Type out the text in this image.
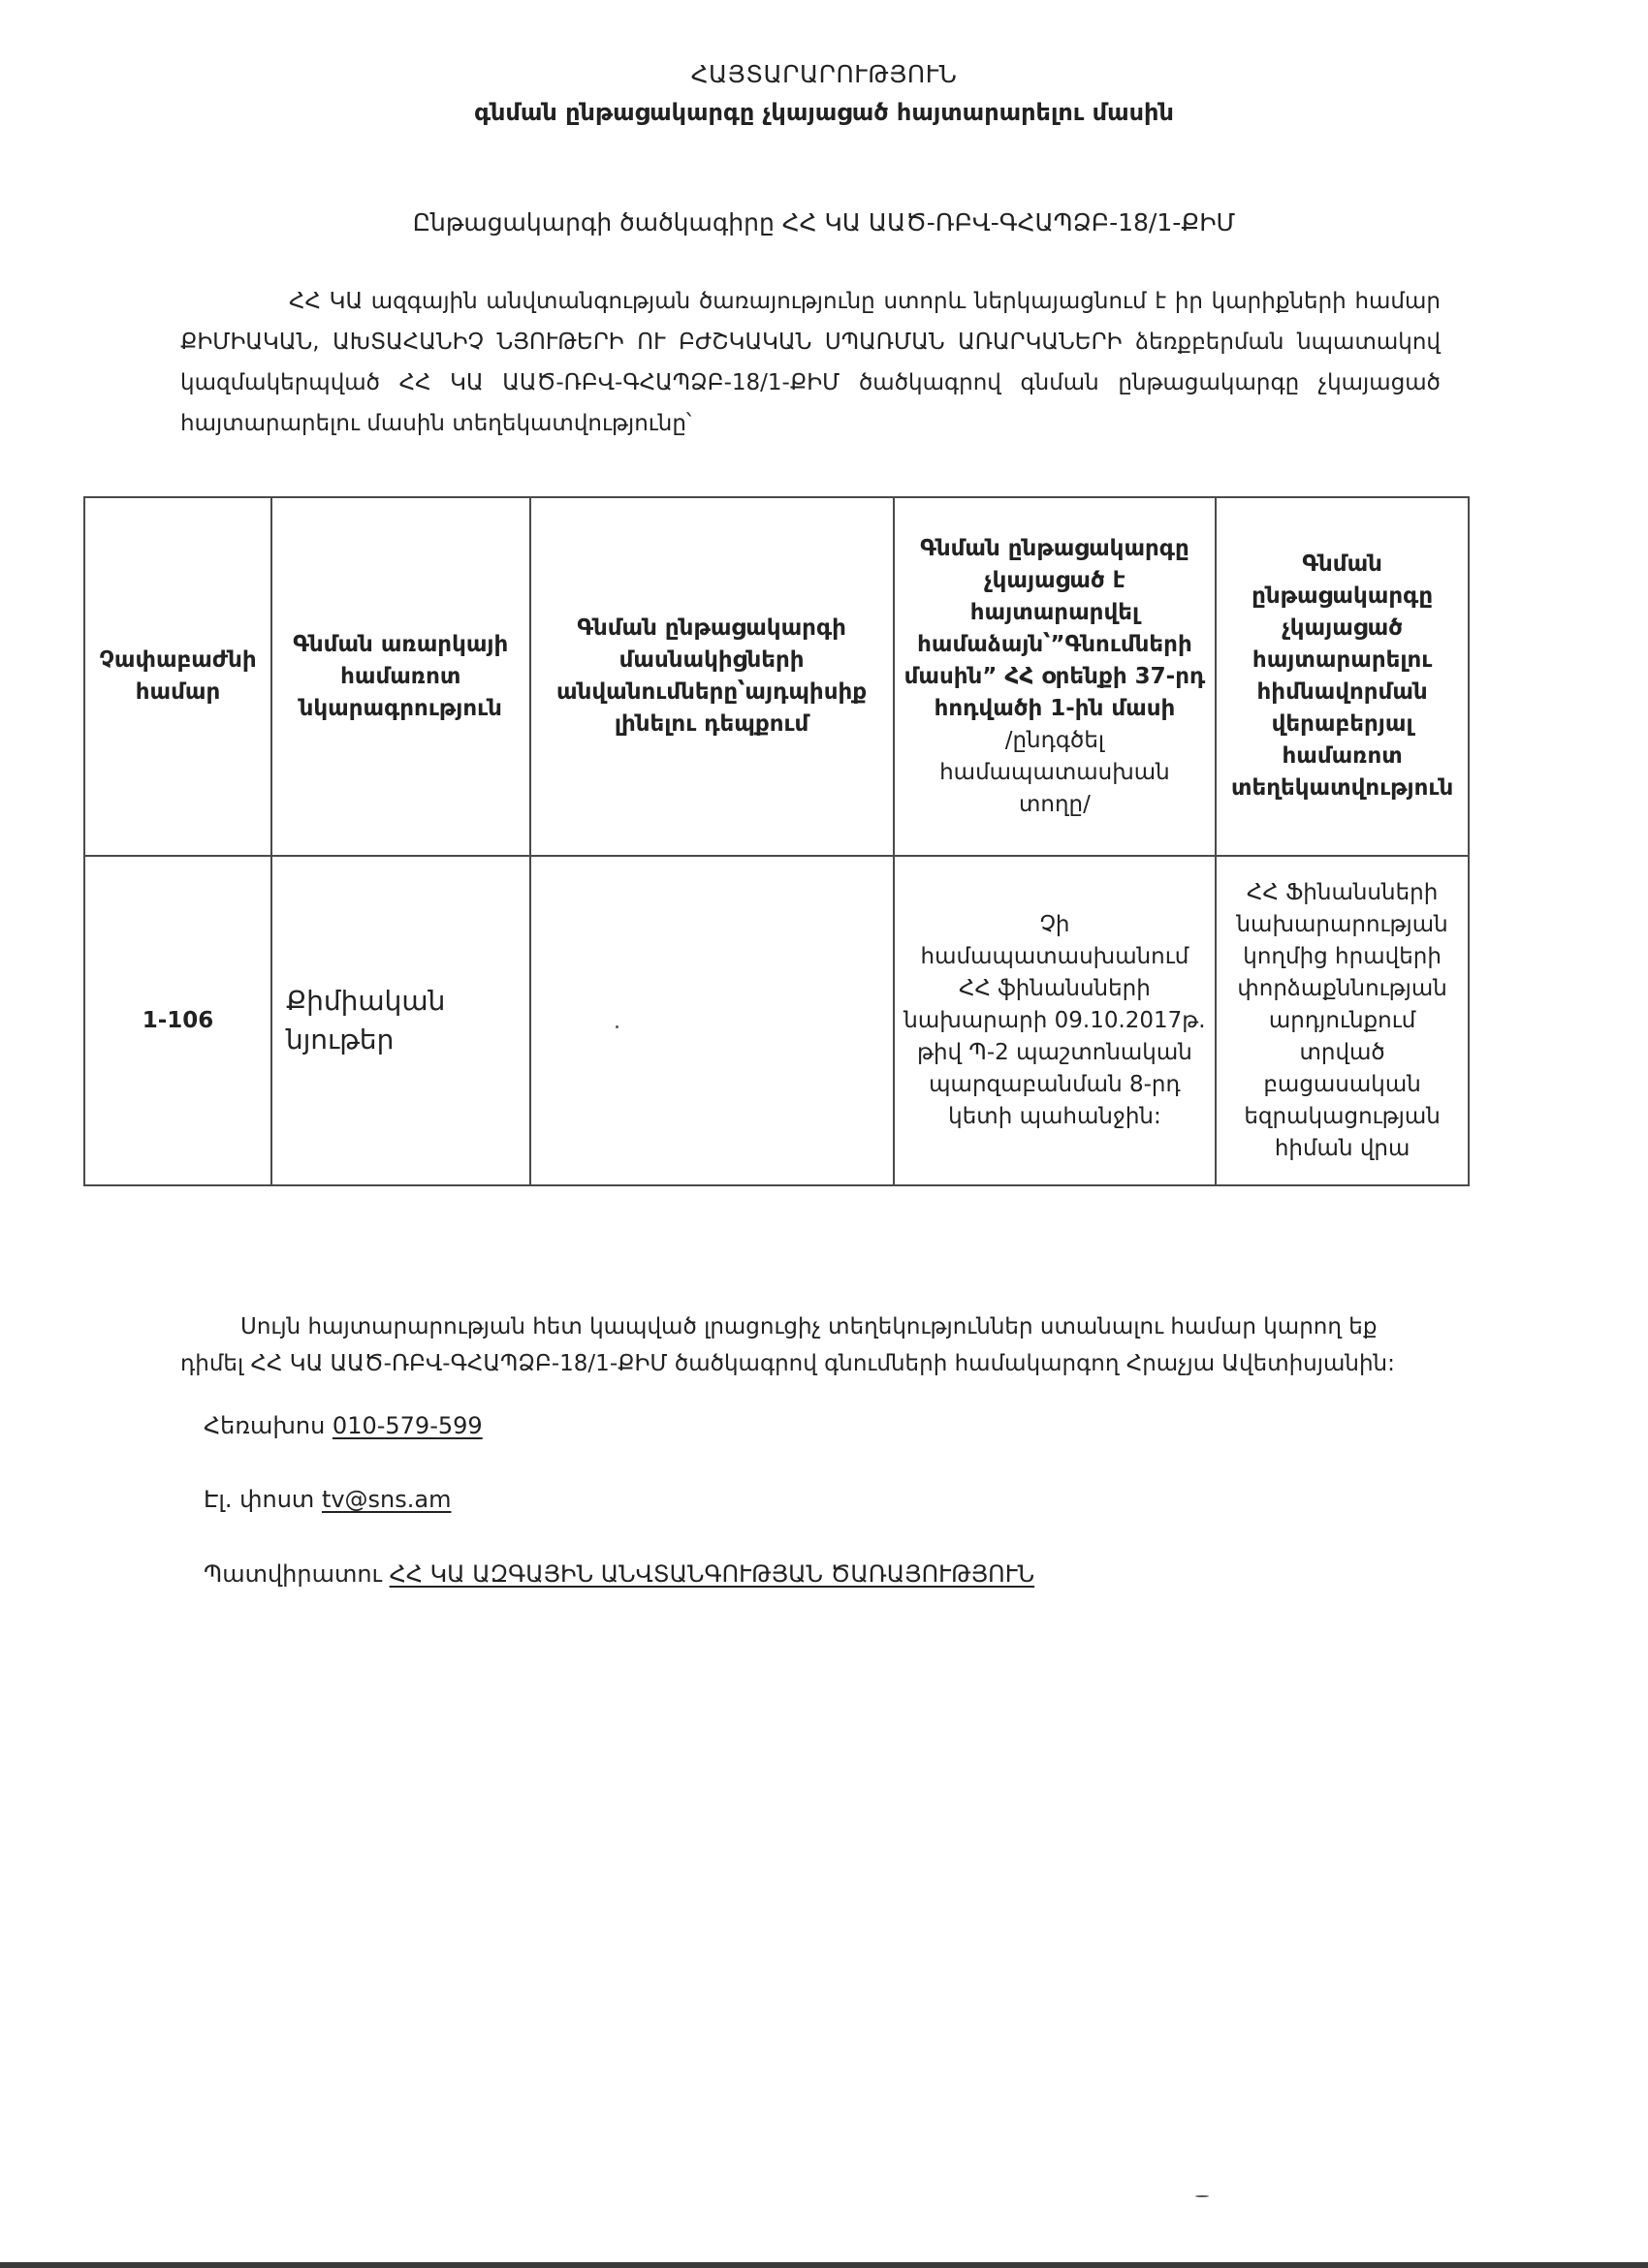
ՀԱՅՏԱՐԱՐՈՒԹՅՈՒՆ
գնման ընթացակարգը չկայացած հայտարարելու մասին
Ընթացակարգի ծածկագիրը ՀՀ ԿԱ ԱԱԾ-ՌԲՎ-ԳՀԱՊՁԲ-18/1-ՔԻՄ
ՀՀ ԿԱ ազգային անվտանգության ծառայությունը ստորև ներկայացնում է իր կարիքների համար ՔԻՄԻԱԿԱՆ, ԱԽՏԱՀԱՆԻՉ ՆՅՈՒԹԵՐԻ ՈՒ ԲԺՇԿԱԿԱՆ ՍՊԱՌՄԱՆ ԱՌԱՐԿԱՆԵՐԻ ձեռքբերման նպատակով կազմակերպված ՀՀ ԿԱ ԱԱԾ-ՌԲՎ-ԳՀԱՊՁԲ-18/1-ՔԻՄ ծածկագրով գնման ընթացակարգը չկայացած հայտարարելու մասին տեղեկատվությունը՝
Չափաբաժնի համար	Գնման առարկայի համառոտ նկարագրություն	Գնման ընթացակարգի մասնակիցների անվանումները՝այդպիսիք լինելու դեպքում	Գնման ընթացակարգը չկայացած է հայտարարվել համաձայն՝”Գնումների մասին” ՀՀ օրենքի 37-րդ հոդվածի 1-ին մասի
/ընդգծել համապատասխան տողը/	Գնման ընթացակարգը չկայացած հայտարարելու հիմնավորման վերաբերյալ համառոտ տեղեկատվություն
1-106	Քիմիական նյութեր		Չի համապատասխանում ՀՀ ֆինանսների նախարարի 09.10.2017թ. թիվ Պ-2 պաշտոնական պարզաբանման 8-րդ կետի պահանջին:	ՀՀ Ֆինանսների նախարարության կողմից հրավերի փորձաքննության արդյունքում տրված բացասական եզրակացության հիման վրա
Սույն հայտարարության հետ կապված լրացուցիչ տեղեկություններ ստանալու համար կարող եք դիմել ՀՀ ԿԱ ԱԱԾ-ՌԲՎ-ԳՀԱՊՁԲ-18/1-ՔԻՄ ծածկագրով գնումների համակարգող Հրաչյա Ավետիսյանին:
Հեռախոս 010-579-599
Էլ. փոստ tv@sns.am
Պատվիրատու ՀՀ ԿԱ ԱԶԳԱՅԻՆ ԱՆՎՏԱՆԳՈՒԹՅԱՆ ԾԱՌԱՅՈՒԹՅՈՒՆ
